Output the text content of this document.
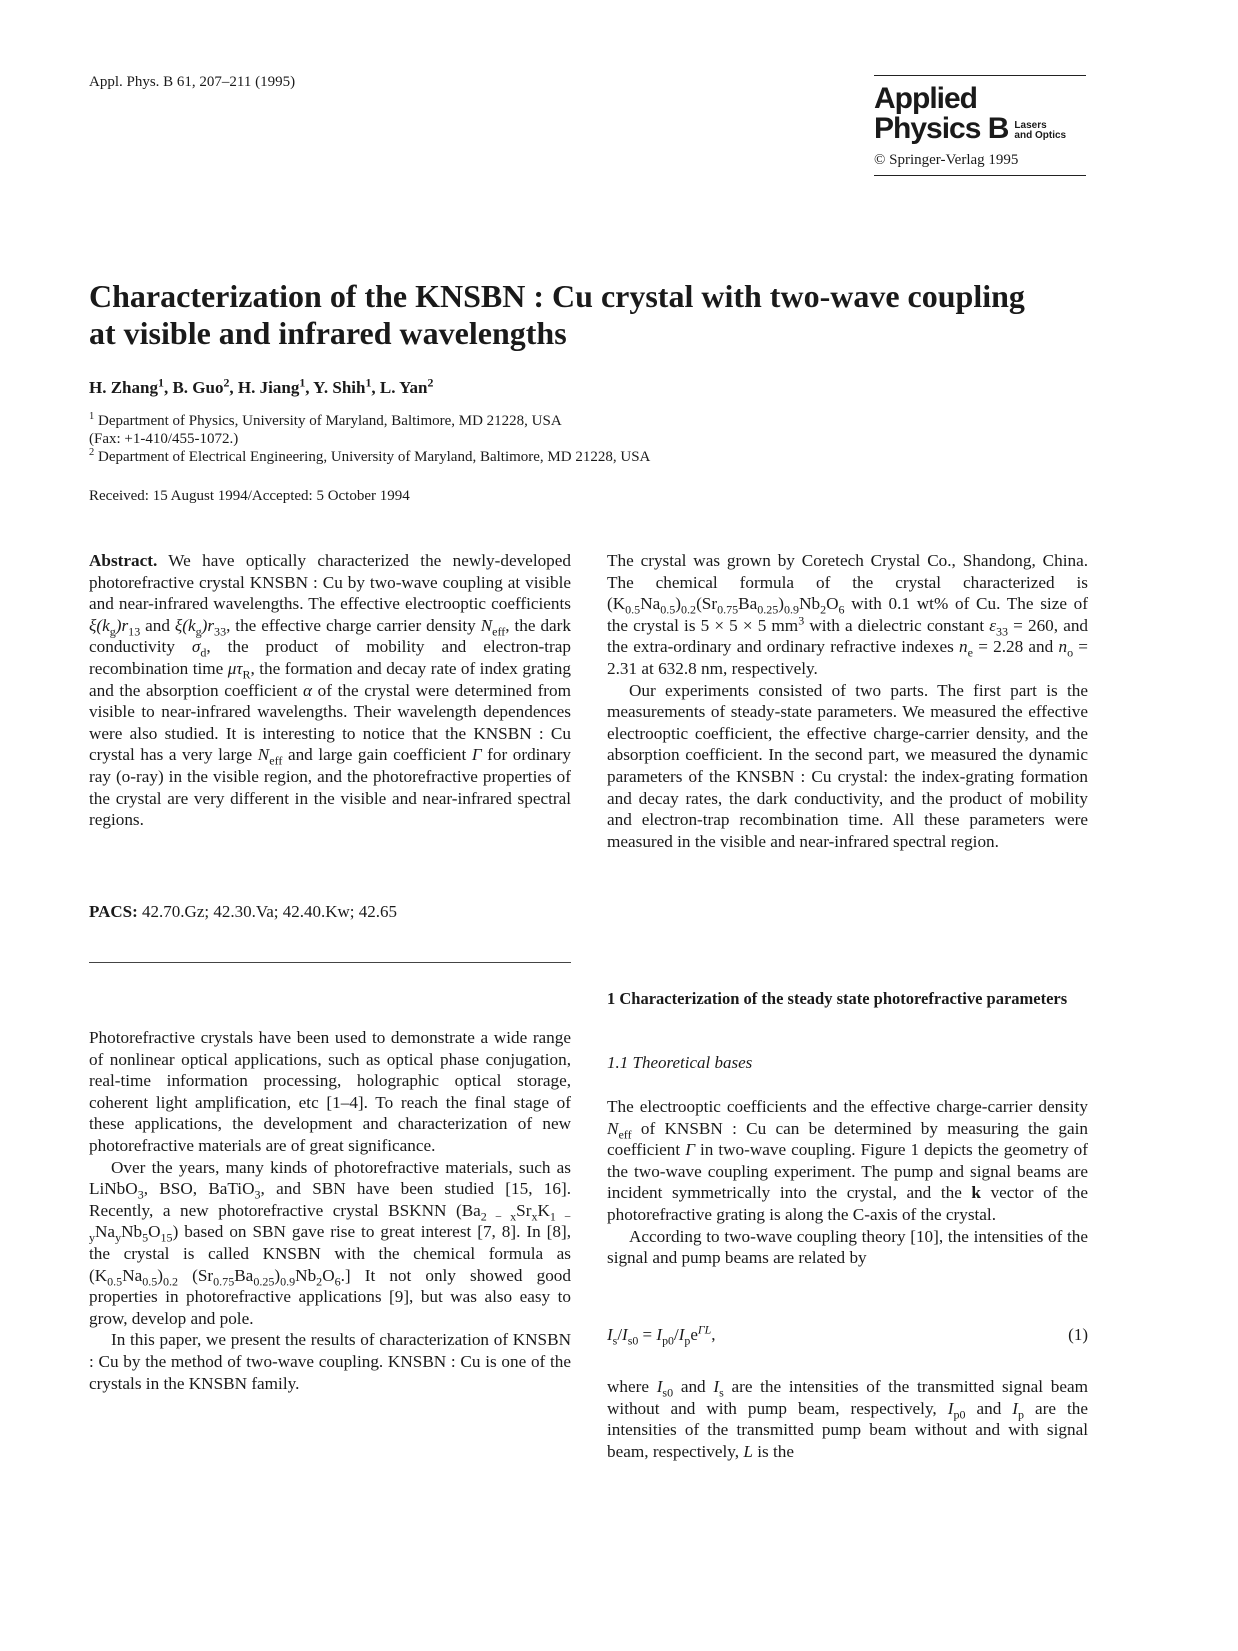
Appl. Phys. B 61, 207–211 (1995)	Applied
Physics B Lasers
and Optics
© Springer-Verlag 1995
Characterization of the KNSBN : Cu crystal with two-wave coupling
at visible and infrared wavelengths
H. Zhang$^1$, B. Guo$^2$, H. Jiang$^1$, Y. Shih$^1$, L. Yan$^2$
$^1$ Department of Physics, University of Maryland, Baltimore, MD 21228, USA
(Fax: +1-410/455-1072.)
$^2$ Department of Electrical Engineering, University of Maryland, Baltimore, MD 21228, USA
Received: 15 August 1994/Accepted: 5 October 1994

Abstract. We have optically characterized the newly-developed photorefractive crystal KNSBN : Cu by two-wave coupling at visible and near-infrared wavelengths. The effective electrooptic coefficients $\xi(k_g)r_{13}$ and $\xi(k_g)r_{33}$, the effective charge carrier density $N_{eff}$, the dark conductivity $\sigma_d$, the product of mobility and electron-trap recombination time $\mu\tau_R$, the formation and decay rate of index grating and the absorption coefficient α of the crystal were determined from visible to near-infrared wavelengths. Their wavelength dependences were also studied. It is interesting to notice that the KNSBN : Cu crystal has a very large $N_{eff}$ and large gain coefficient Γ for ordinary ray (o-ray) in the visible region, and the photorefractive properties of the crystal are very different in the visible and near-infrared spectral regions.

PACS: 42.70.Gz; 42.30.Va; 42.40.Kw; 42.65

Photorefractive crystals have been used to demonstrate a wide range of nonlinear optical applications, such as optical phase conjugation, real-time information processing, holographic optical storage, coherent light amplification, etc [1–4]. To reach the final stage of these applications, the development and characterization of new photorefractive materials are of great significance.

Over the years, many kinds of photorefractive materials, such as LiNbO$_3$, BSO, BaTiO$_3$, and SBN have been studied [15, 16]. Recently, a new photorefractive crystal BSKNN $(Ba_{2 - x}Sr_xK_{1 - y}Na_yNb_5O_{15})$ based on SBN gave rise to great interest [7, 8]. In [8], the crystal is called KNSBN with the chemical formula as $(K_{0.5}Na_{0.5})_{0.2}$ $(Sr_{0.75}Ba_{0.25})_{0.9}Nb_2O_6$.] It not only showed good properties in photorefractive applications [9], but was also easy to grow, develop and pole.

In this paper, we present the results of characterization of KNSBN : Cu by the method of two-wave coupling. KNSBN : Cu is one of the crystals in the KNSBN family.

The crystal was grown by Coretech Crystal Co., Shandong, China. The chemical formula of the crystal characterized is $(K_{0.5}Na_{0.5})_{0.2}(Sr_{0.75}Ba_{0.25})_{0.9}Nb_2O_6$ with 0.1 wt% of Cu. The size of the crystal is 5 × 5 × 5 $mm^3$ with a dielectric constant $\varepsilon_{33} = 260$, and the extra-ordinary and ordinary refractive indexes $n_e = 2.28$ and $n_o = 2.31$ at 632.8 nm, respectively.

Our experiments consisted of two parts. The first part is the measurements of steady-state parameters. We measured the effective electrooptic coefficient, the effective charge-carrier density, and the absorption coefficient. In the second part, we measured the dynamic parameters of the KNSBN : Cu crystal: the index-grating formation and decay rates, the dark conductivity, and the product of mobility and electron-trap recombination time. All these parameters were measured in the visible and near-infrared spectral region.

1 Characterization of the steady state photorefractive parameters
1.1 Theoretical bases

The electrooptic coefficients and the effective charge-carrier density $N_{eff}$ of KNSBN : Cu can be determined by measuring the gain coefficient Γ in two-wave coupling. Figure 1 depicts the geometry of the two-wave coupling experiment. The pump and signal beams are incident symmetrically into the crystal, and the k vector of the photorefractive grating is along the C-axis of the crystal.

According to two-wave coupling theory [10], the intensities of the signal and pump beams are related by

$I_s/I_{s0} = I_{p0}/I_pe^{\Gamma L}$,	(1)

where $I_{s0}$ and $I_s$ are the intensities of the transmitted signal beam without and with pump beam, respectively, $I_{p0}$ and $I_p$ are the intensities of the transmitted pump beam without and with signal beam, respectively, L is the
